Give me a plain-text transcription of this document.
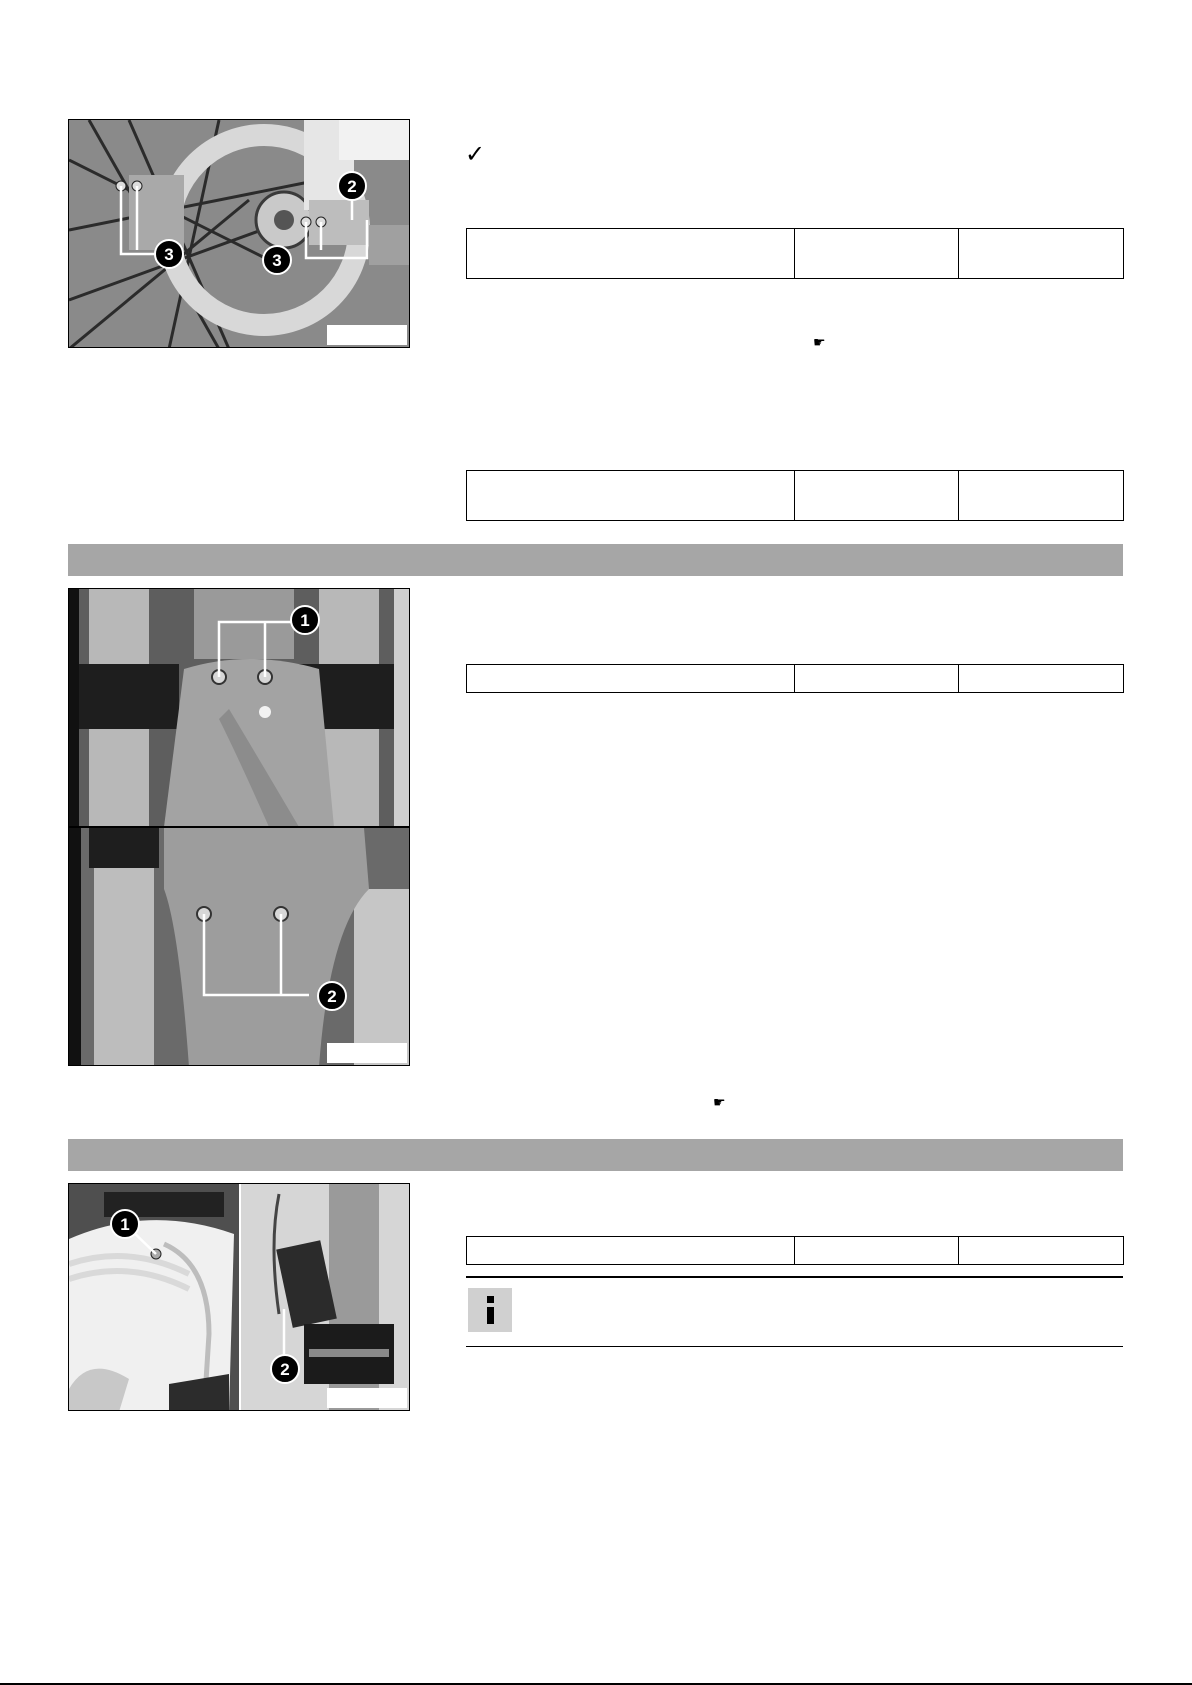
3	3
2
✓

☛

1
2

☛
1
2
